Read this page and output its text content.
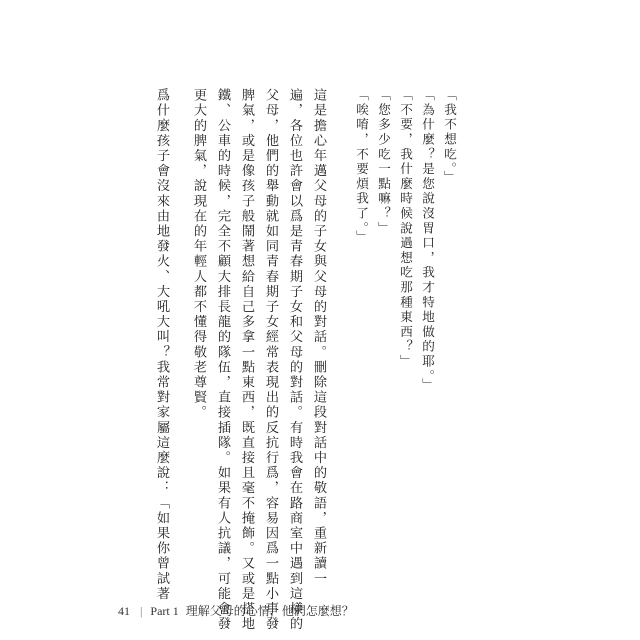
「我不想吃。」
「為什麼？是您說沒胃口，我才特地做的耶。」
「不要，我什麼時候說過想吃那種東西？」
「您多少吃一點嘛？」
「唉唷，不要煩我了。」
這是擔心年邁父母的子女與父母的對話。刪除這段對話中的敬語，重新讀一
遍，各位也許會以爲是青春期子女和父母的對話。有時我會在路商室中遇到這樣的
父母，他們的舉動就如同青春期子女經常表現出的反抗行爲，容易因爲一點小事發
脾氣，或是像孩子般鬧著想給自己多拿一點東西，既直接且毫不掩飾。又或是搭地
鐵、公車的時候，完全不顧大排長龍的隊伍，直接插隊。如果有人抗議，可能會發
更大的脾氣，說現在的年輕人都不懂得敬老尊賢。
爲什麼孩子會沒來由地發火、大吼大叫？我常對家屬這麼說：「如果你曾試著
41 | Part 1 理解父母的心情，他們怎麼想？
